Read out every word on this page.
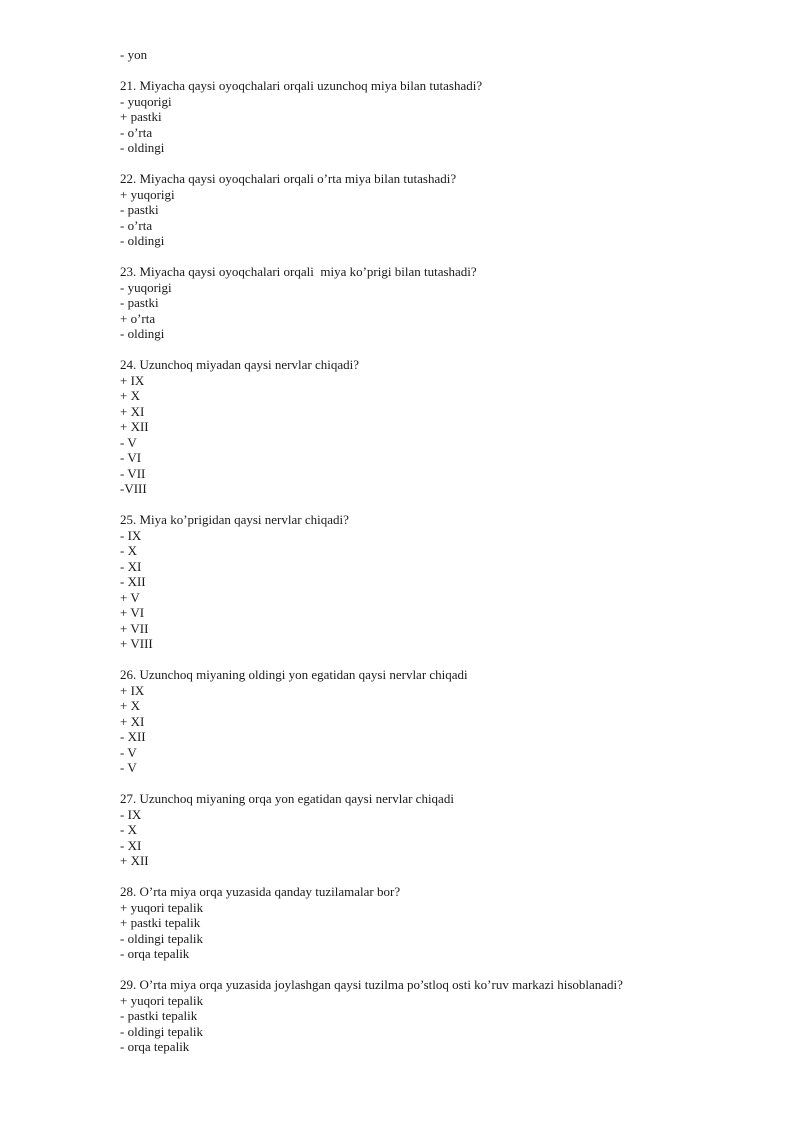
- yon
21. Miyacha qaysi oyoqchalari orqali uzunchoq miya bilan tutashadi?
- yuqorigi
+ pastki
- o’rta
- oldingi
22. Miyacha qaysi oyoqchalari orqali o’rta miya bilan tutashadi?
+ yuqorigi
- pastki
- o’rta
- oldingi
23. Miyacha qaysi oyoqchalari orqali  miya ko’prigi bilan tutashadi?
- yuqorigi
- pastki
+ o’rta
- oldingi
24. Uzunchoq miyadan qaysi nervlar chiqadi?
+ IX
+ X
+ XI
+ XII
- V
- VI
- VII
-VIII
25. Miya ko’prigidan qaysi nervlar chiqadi?
- IX
- X
- XI
- XII
+ V
+ VI
+ VII
+ VIII
26. Uzunchoq miyaning oldingi yon egatidan qaysi nervlar chiqadi
+ IX
+ X
+ XI
- XII
- V
- V
27. Uzunchoq miyaning orqa yon egatidan qaysi nervlar chiqadi
- IX
- X
- XI
+ XII
28. O’rta miya orqa yuzasida qanday tuzilamalar bor?
+ yuqori tepalik
+ pastki tepalik
- oldingi tepalik
- orqa tepalik
29. O’rta miya orqa yuzasida joylashgan qaysi tuzilma po’stloq osti ko’ruv markazi hisoblanadi?
+ yuqori tepalik
- pastki tepalik
- oldingi tepalik
- orqa tepalik
